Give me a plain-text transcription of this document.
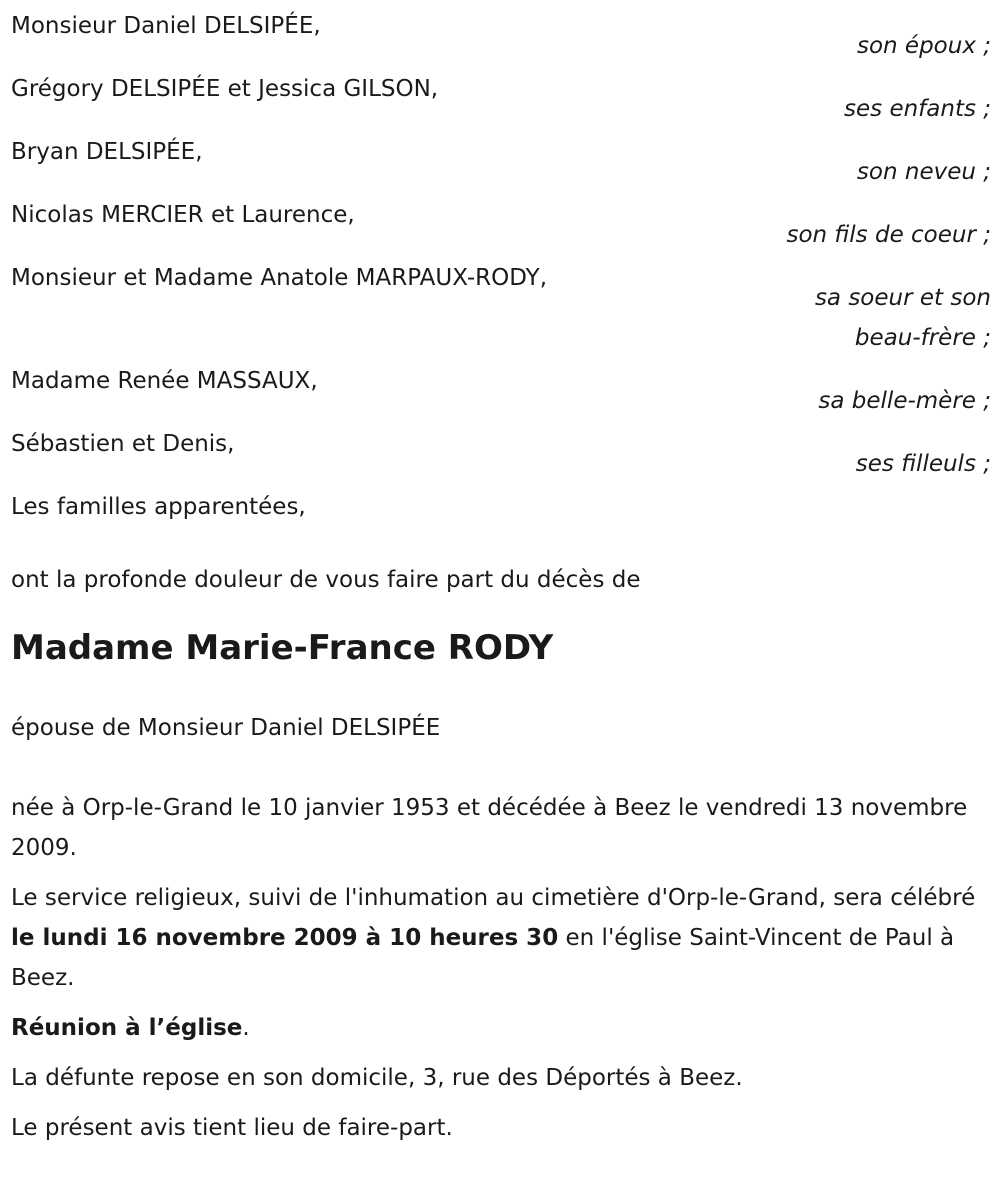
Monsieur Daniel DELSIPÉE,
son époux ;
Grégory DELSIPÉE et Jessica GILSON,
ses enfants ;
Bryan DELSIPÉE,
son neveu ;
Nicolas MERCIER et Laurence,
son fils de coeur ;
Monsieur et Madame Anatole MARPAUX-RODY,
sa soeur et son beau-frère ;
Madame Renée MASSAUX,
sa belle-mère ;
Sébastien et Denis,
ses filleuls ;
Les familles apparentées,
ont la profonde douleur de vous faire part du décès de
Madame Marie-France RODY
épouse de Monsieur Daniel DELSIPÉE
née à Orp-le-Grand le 10 janvier 1953 et décédée à Beez le vendredi 13 novembre 2009.
Le service religieux, suivi de l'inhumation au cimetière d'Orp-le-Grand, sera célébré le lundi 16 novembre 2009 à 10 heures 30 en l'église Saint-Vincent de Paul à Beez.
Réunion à l’église.
La défunte repose en son domicile, 3, rue des Déportés à Beez.
Le présent avis tient lieu de faire-part.
